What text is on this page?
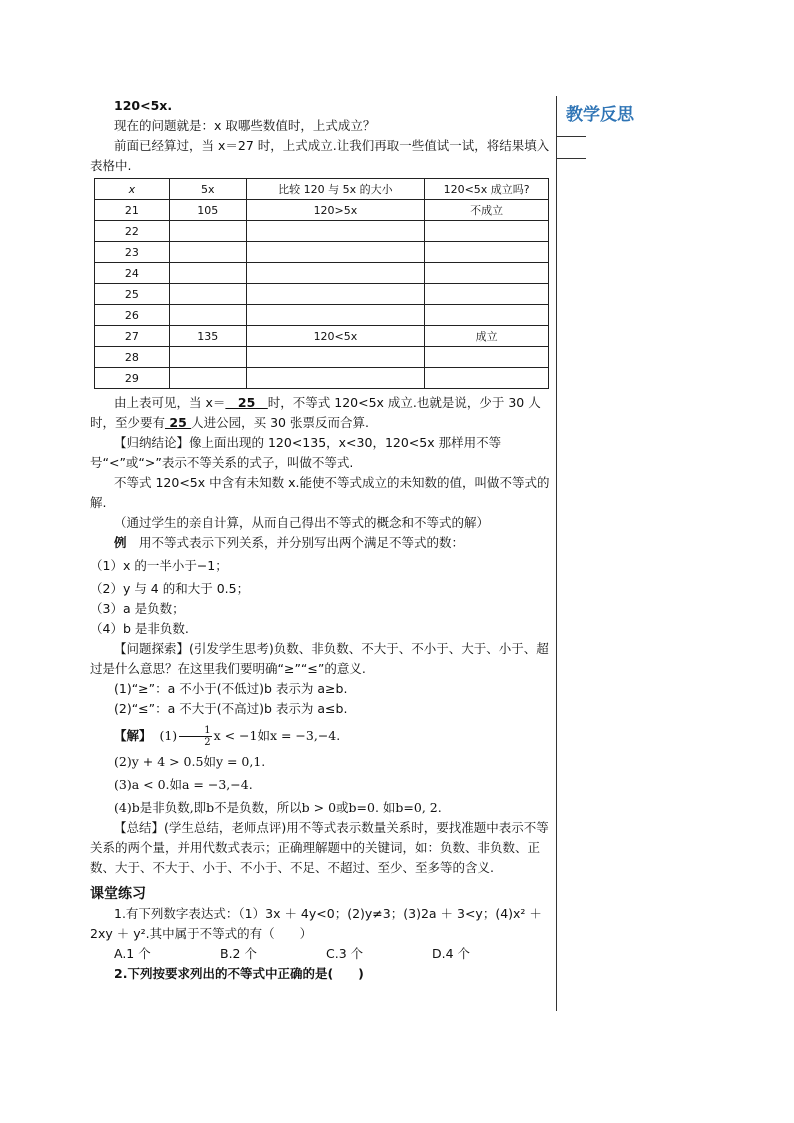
教学反思

120<5x.

现在的问题就是：x 取哪些数值时，上式成立？

前面已经算过，当 x＝27 时，上式成立.让我们再取一些值试一试，将结果填入表格中.

x	5x	比较 120 与 5x 的大小	120<5x 成立吗?
21	105	120>5x	不成立
22			
23			
24			
25			
26			
27	135	120<5x	成立
28			
29			

由上表可见，当 x＝　25　时，不等式 120<5x 成立.也就是说，少于 30 人时，至少要有 25 人进公园，买 30 张票反而合算.

【归纳结论】像上面出现的 120<135，x<30，120<5x 那样用不等号“<”或“>”表示不等关系的式子，叫做不等式.

不等式 120<5x 中含有未知数 x.能使不等式成立的未知数的值，叫做不等式的解.

（通过学生的亲自计算，从而自己得出不等式的概念和不等式的解）

例　用不等式表示下列关系，并分别写出两个满足不等式的数：

（1）x 的一半小于−1；

（2）y 与 4 的和大于 0.5；

（3）a 是负数；

（4）b 是非负数.

【问题探索】(引发学生思考)负数、非负数、不大于、不小于、大于、小于、超过是什么意思？在这里我们要明确“≥”“≤”的意义.

(1)“≥”：a 不小于(不低过)b 表示为 a≥b.

(2)“≤”：a 不大于(不高过)b 表示为 a≤b.

【解】 $(1) \frac{1}{2}$ x < −1如x = −3,−4.

(2)y + 4 > 0.5如y = 0,1.

(3)a < 0.如a = −3,−4.

(4)b是非负数,即b不是负数，所以b > 0或b=0. 如b=0, 2.

【总结】(学生总结，老师点评)用不等式表示数量关系时，要找准题中表示不等关系的两个量，并用代数式表示；正确理解题中的关键词，如：负数、非负数、正数、大于、不大于、小于、不小于、不足、不超过、至少、至多等的含义.

课堂练习

1.有下列数字表达式：（1）3x ＋ 4y<0；(2)y≠3；(3)2a ＋ 3<y；(4)x² ＋ 2xy ＋ y².其中属于不等式的有（　　）

A.1 个	B.2 个	C.3 个	D.4 个

2.下列按要求列出的不等式中正确的是(　　)
